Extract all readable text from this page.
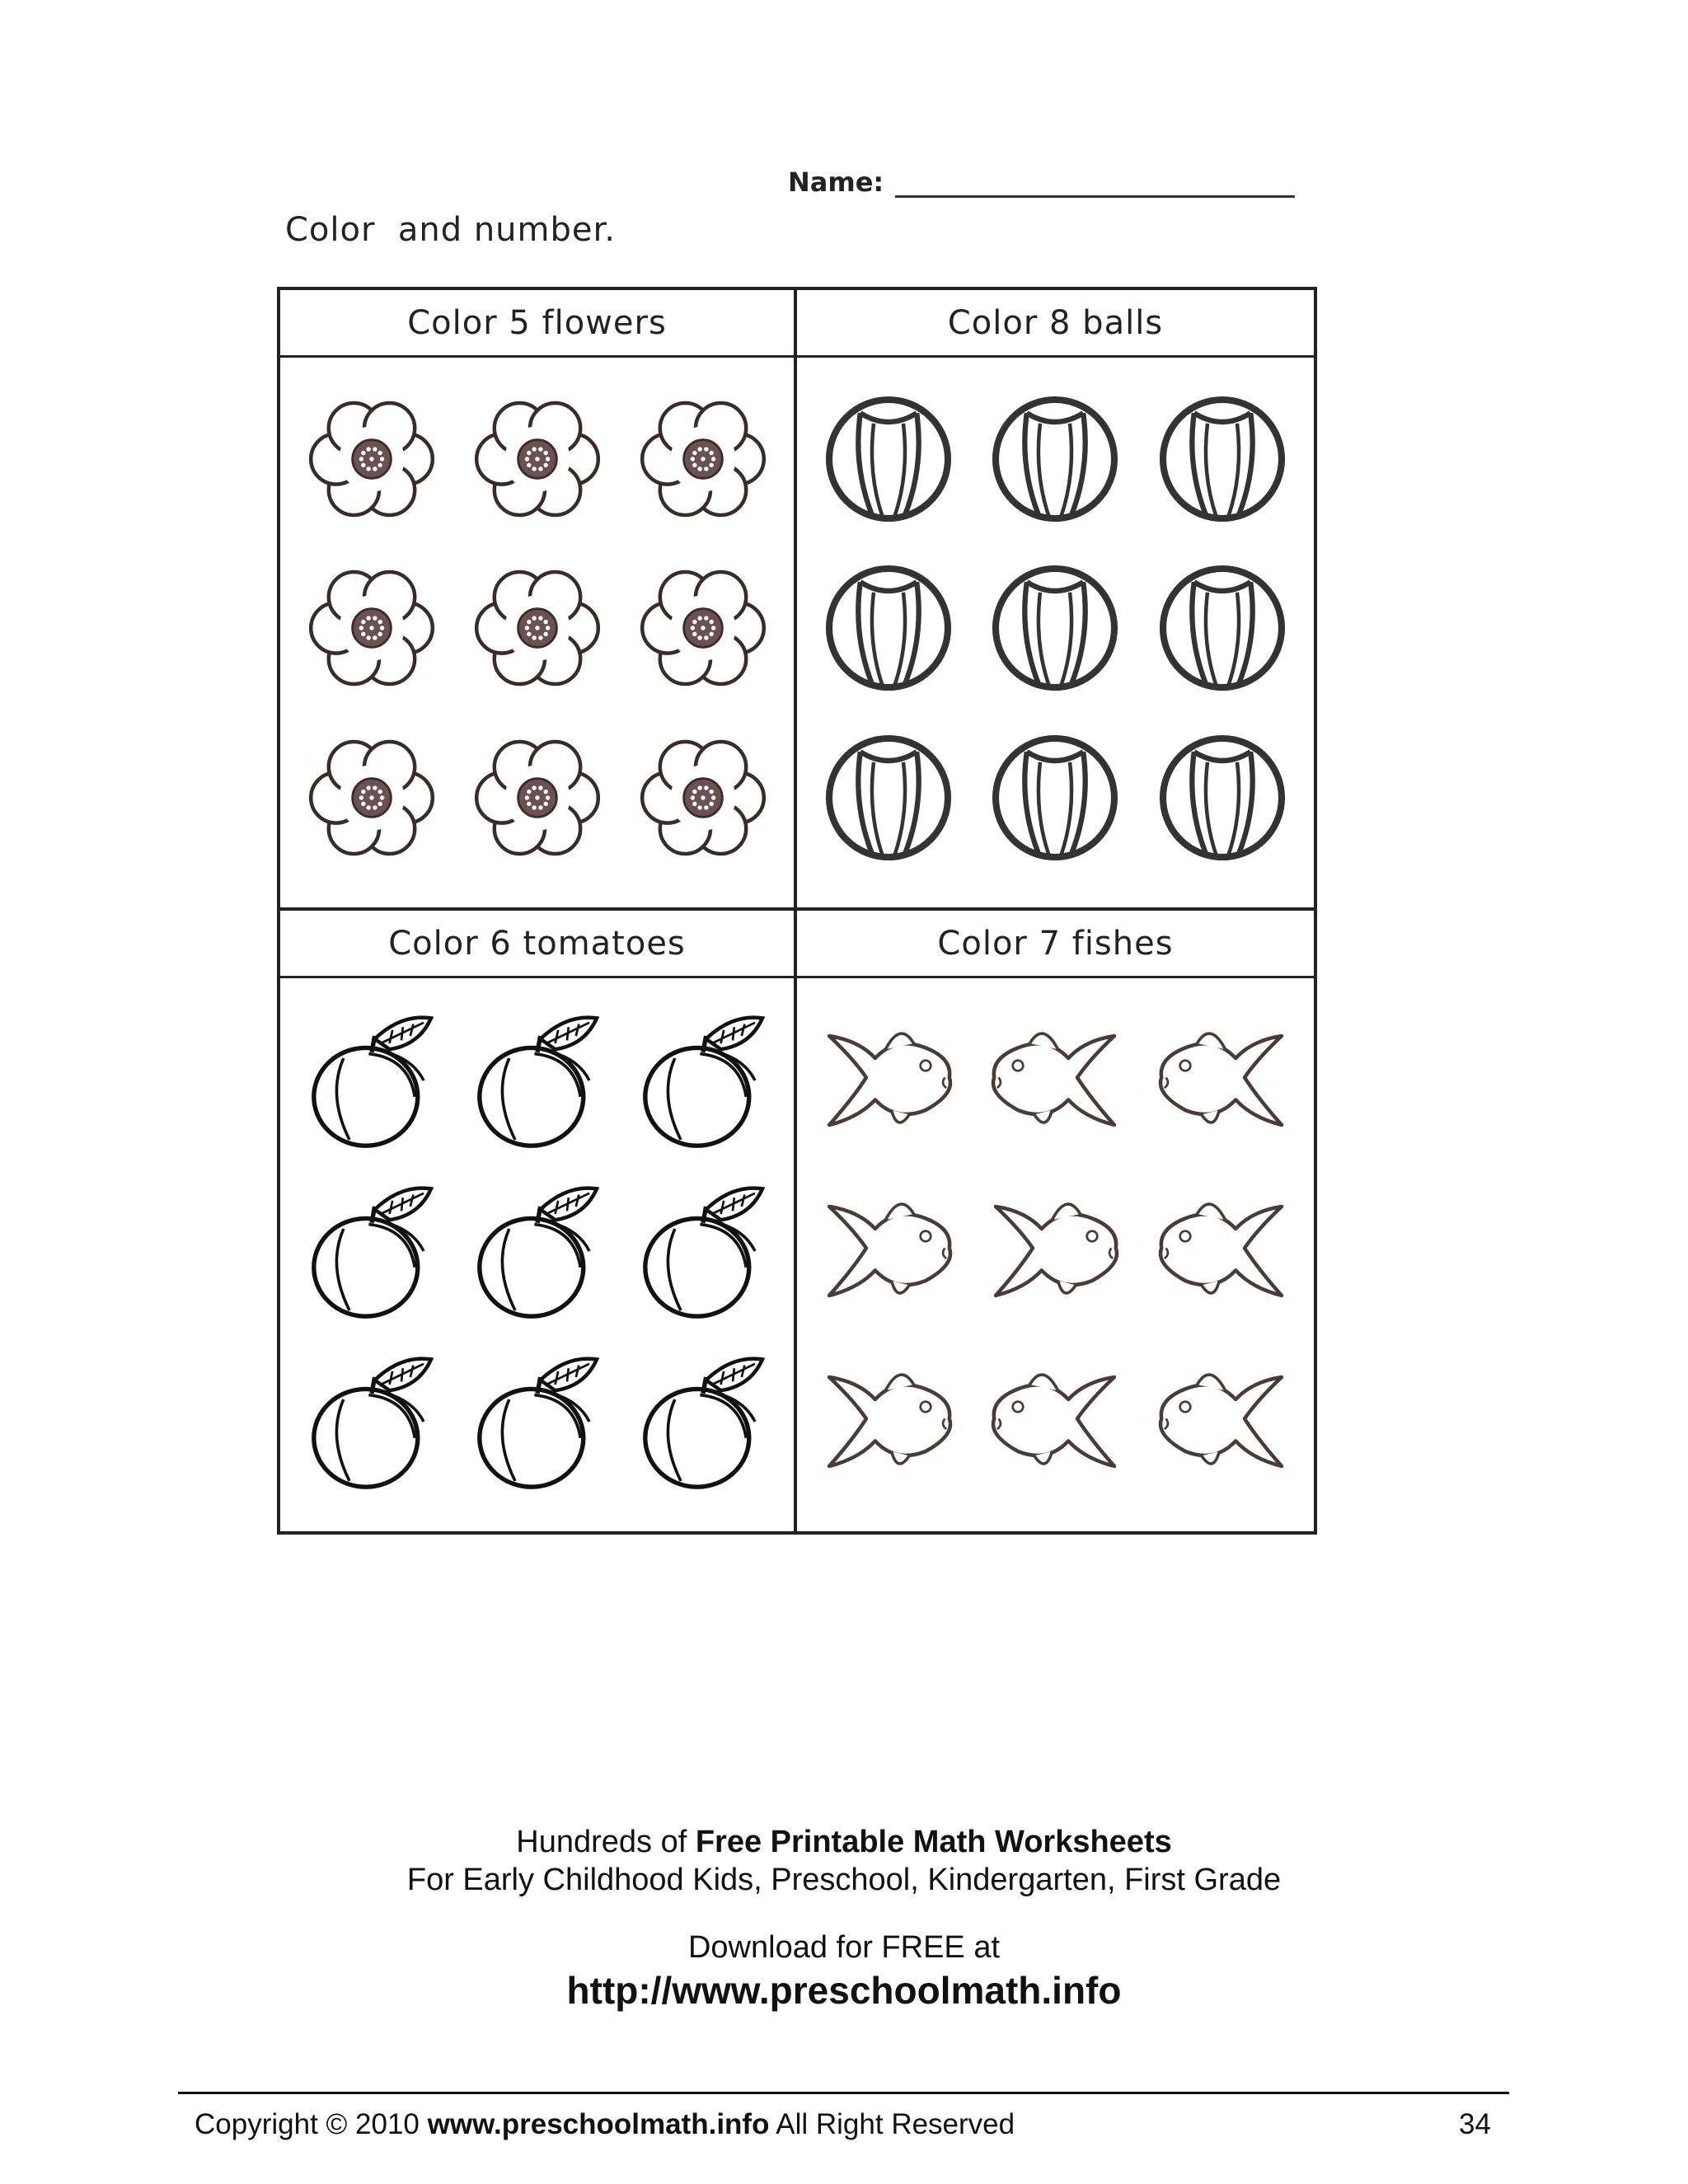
Name:
Color  and number.
Color 5 flowers	Color 8 balls
Color 6 tomatoes	Color 7 fishes
Hundreds of Free Printable Math Worksheets
For Early Childhood Kids, Preschool, Kindergarten, First Grade
Download for FREE at
http://www.preschoolmath.info
Copyright © 2010 www.preschoolmath.info All Right Reserved	34
